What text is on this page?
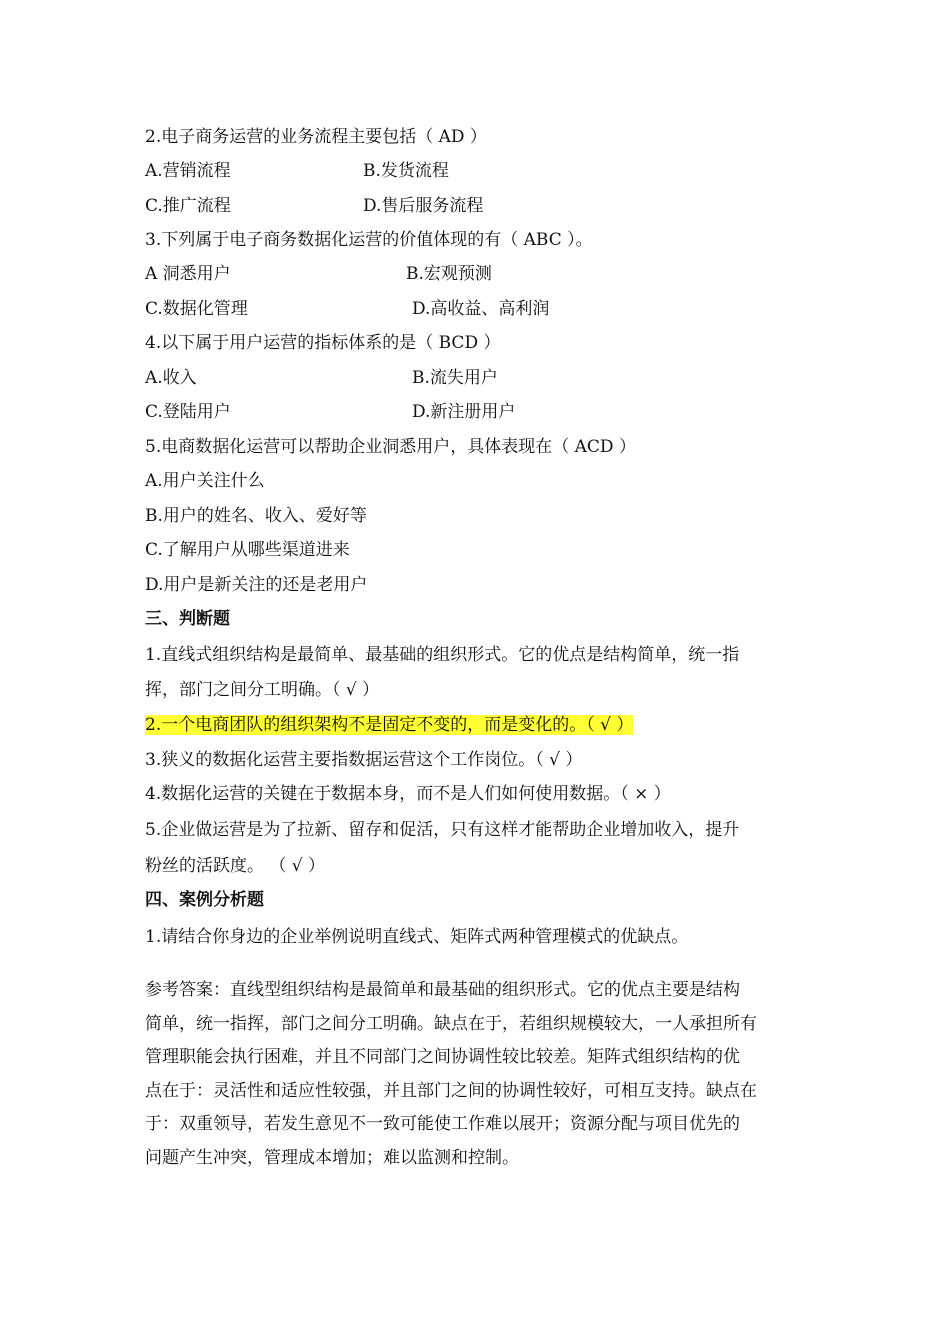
2.电子商务运营的业务流程主要包括（ AD ）
A.营销流程	B.发货流程
C.推广流程	D.售后服务流程
3.下列属于电子商务数据化运营的价值体现的有（ ABC ）。
A 洞悉用户	B.宏观预测
C.数据化管理	D.高收益、高利润
4.以下属于用户运营的指标体系的是（ BCD ）
A.收入	B.流失用户
C.登陆用户	D.新注册用户
5.电商数据化运营可以帮助企业洞悉用户，具体表现在（ ACD ）
A.用户关注什么
B.用户的姓名、收入、爱好等
C.了解用户从哪些渠道进来
D.用户是新关注的还是老用户
三、判断题
1.直线式组织结构是最简单、最基础的组织形式。它的优点是结构简单，统一指
挥，部门之间分工明确。（ √ ）
2.一个电商团队的组织架构不是固定不变的，而是变化的。（ √ ）
3.狭义的数据化运营主要指数据运营这个工作岗位。（ √ ）
4.数据化运营的关键在于数据本身，而不是人们如何使用数据。（ × ）
5.企业做运营是为了拉新、留存和促活，只有这样才能帮助企业增加收入，提升
粉丝的活跃度。 （ √ ）
四、案例分析题
1.请结合你身边的企业举例说明直线式、矩阵式两种管理模式的优缺点。
参考答案：直线型组织结构是最简单和最基础的组织形式。它的优点主要是结构
简单，统一指挥，部门之间分工明确。缺点在于，若组织规模较大，一人承担所有
管理职能会执行困难，并且不同部门之间协调性较比较差。矩阵式组织结构的优
点在于：灵活性和适应性较强，并且部门之间的协调性较好，可相互支持。缺点在
于：双重领导，若发生意见不一致可能使工作难以展开；资源分配与项目优先的
问题产生冲突，管理成本增加；难以监测和控制。
